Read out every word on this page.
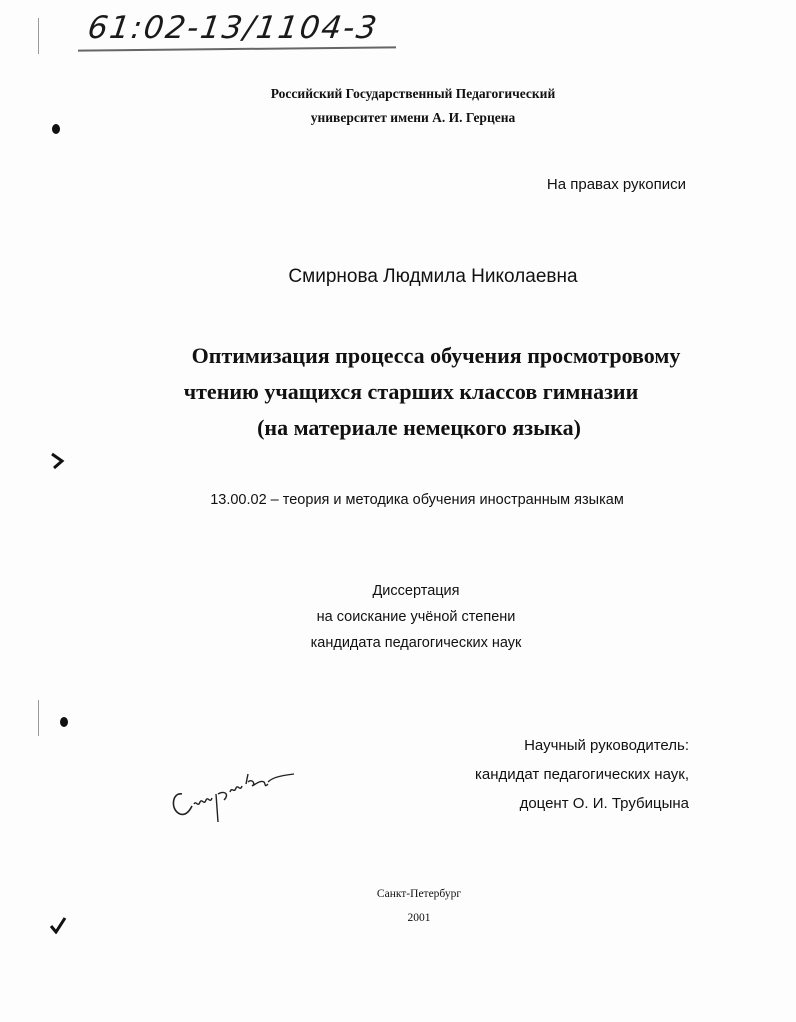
61:02-13/1104-3
Российский Государственный Педагогический
университет имени А. И. Герцена
На правах рукописи
Смирнова Людмила Николаевна
Оптимизация процесса обучения просмотровому
чтению учащихся старших классов гимназии
(на материале немецкого языка)
13.00.02 – теория и методика обучения иностранным языкам
Диссертация
на соискание учёной степени
кандидата педагогических наук
Научный руководитель:
кандидат педагогических наук,
доцент О. И. Трубицына
Санкт-Петербург
2001
